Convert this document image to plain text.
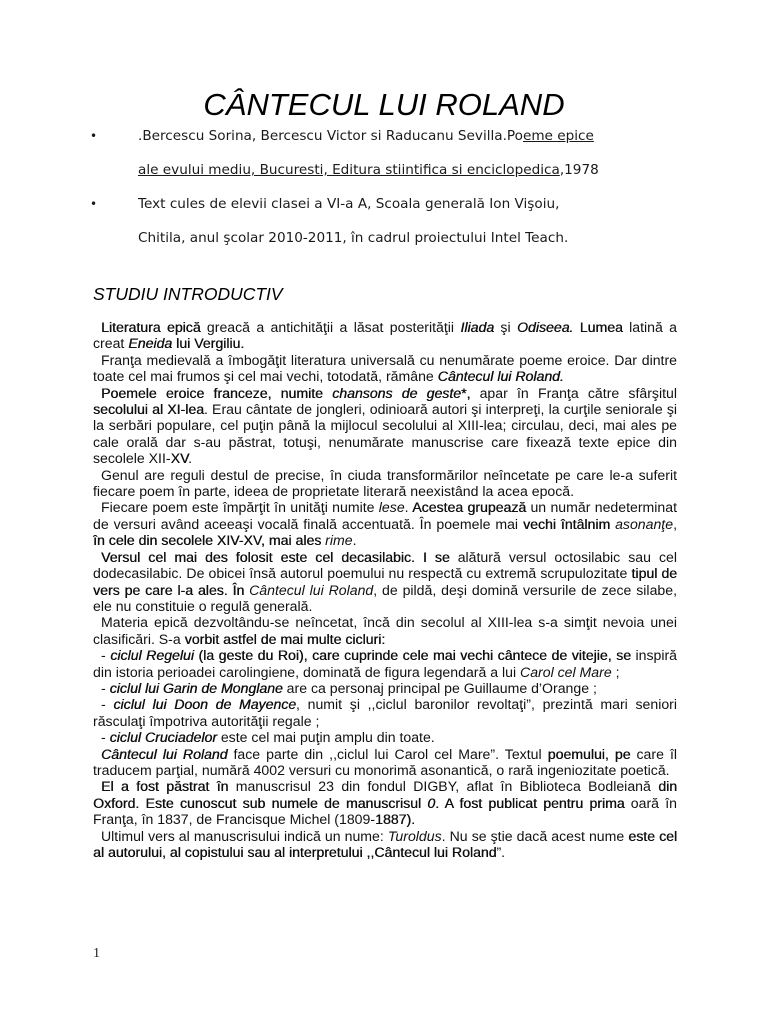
CÂNTECUL LUI ROLAND
•	.Bercescu Sorina, Bercescu Victor si Raducanu Sevilla.Poeme epice
ale evului mediu, Bucuresti, Editura stiintifica si enciclopedica,1978
•	Text cules de elevii clasei a VI-a A, Scoala generală Ion Vişoiu,
Chitila, anul şcolar 2010-2011, în cadrul proiectului Intel Teach.
STUDIU INTRODUCTIV

Literatura epică greacă a antichităţii a lăsat posterităţii Iliada şi Odiseea. Lumea latină a creat Eneida lui Vergiliu.

Franţa medievală a îmbogăţit literatura universală cu nenumărate poeme eroice. Dar dintre toate cel mai frumos şi cel mai vechi, totodată, rămâne Cântecul lui Roland.

Poemele eroice franceze, numite chansons de geste*, apar în Franţa către sfârşitul secolului al XI-lea. Erau cântate de jongleri, odinioară autori şi interpreţi, la curţile seniorale şi la serbări populare, cel puţin până la mijlocul secolului al XIII-lea; circulau, deci, mai ales pe cale orală dar s-au păstrat, totuşi, nenumărate manuscrise care fixează texte epice din secolele XII-XV.

Genul are reguli destul de precise, în ciuda transformărilor neîncetate pe care le-a suferit fiecare poem în parte, ideea de proprietate literară neexistând la acea epocă.

Fiecare poem este împărţit în unităţi numite lese. Acestea grupează un număr nedeterminat de versuri având aceeaşi vocală finală accentuată. În poemele mai vechi întâlnim asonanţe, în cele din secolele XIV-XV, mai ales rime.

Versul cel mai des folosit este cel decasilabic. I se alătură versul octosilabic sau cel dodecasilabic. De obicei însă autorul poemului nu respectă cu extremă scrupulozitate tipul de vers pe care l-a ales. În Cântecul lui Roland, de pildă, deşi domină versurile de zece silabe, ele nu constituie o regulă generală.

Materia epică dezvoltându-se neîncetat, încă din secolul al XIII-lea s-a simţit nevoia unei clasificări. S-a vorbit astfel de mai multe cicluri:

- ciclul Regelui (la geste du Roi), care cuprinde cele mai vechi cântece de vitejie, se inspiră din istoria perioadei carolingiene, dominată de figura legendară a lui Carol cel Mare ;

- ciclul lui Garin de Monglane are ca personaj principal pe Guillaume d’Orange ;

- ciclul lui Doon de Mayence, numit şi ,,ciclul baronilor revoltaţi”, prezintă mari seniori răsculaţi împotriva autorităţii regale ;

- ciclul Cruciadelor este cel mai puţin amplu din toate.

Cântecul lui Roland face parte din ,,ciclul lui Carol cel Mare”. Textul poemului, pe care îl traducem parţial, numără 4002 versuri cu monorimă asonantică, o rară ingeniozitate poetică.

El a fost păstrat în manuscrisul 23 din fondul DIGBY, aflat în Biblioteca Bodleiană din Oxford. Este cunoscut sub numele de manuscrisul 0. A fost publicat pentru prima oară în Franţa, în 1837, de Francisque Michel (1809-1887).

Ultimul vers al manuscrisului indică un nume: Turoldus. Nu se ştie dacă acest nume este cel al autorului, al copistului sau al interpretului ,,Cântecul lui Roland”.

1
